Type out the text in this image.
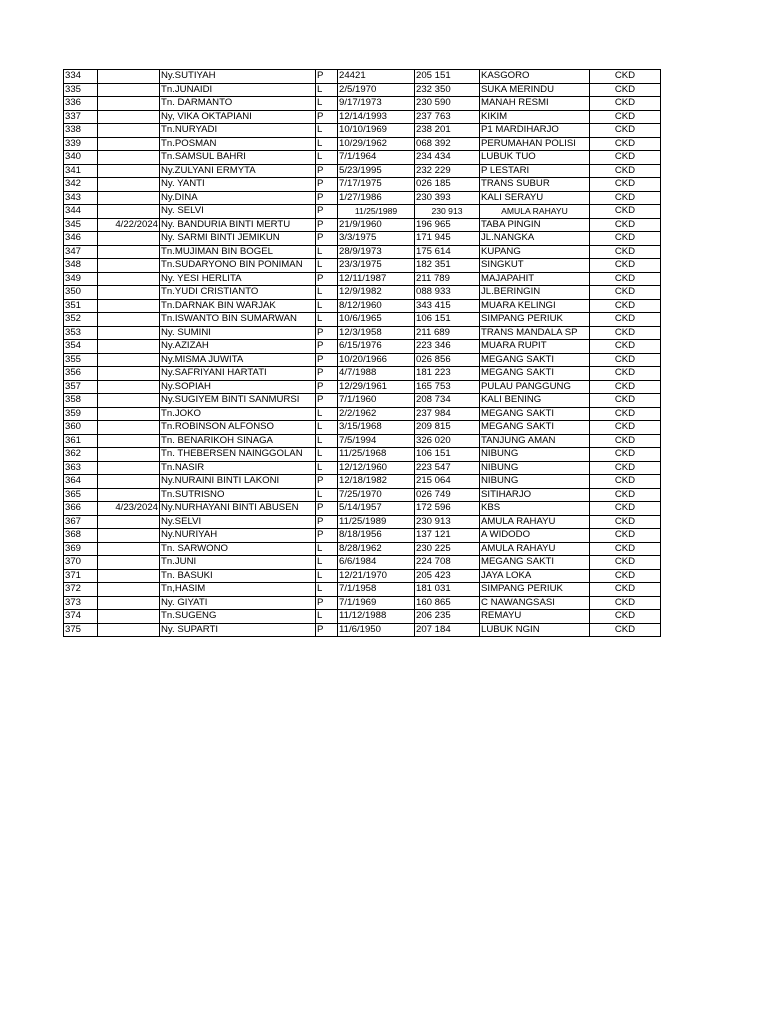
334		Ny.SUTIYAH	P	24421	205 151	KASGORO	CKD
335		Tn.JUNAIDI	L	2/5/1970	232 350	SUKA MERINDU	CKD
336		Tn. DARMANTO	L	9/17/1973	230 590	MANAH RESMI	CKD
337		Ny, VIKA OKTAPIANI	P	12/14/1993	237 763	KIKIM	CKD
338		Tn.NURYADI	L	10/10/1969	238 201	P1 MARDIHARJO	CKD
339		Tn.POSMAN	L	10/29/1962	068 392	PERUMAHAN POLISI	CKD
340		Tn.SAMSUL BAHRI	L	7/1/1964	234 434	LUBUK TUO	CKD
341		Ny.ZULYANI ERMYTA	P	5/23/1995	232 229	P LESTARI	CKD
342		Ny. YANTI	P	7/17/1975	026 185	TRANS SUBUR	CKD
343		Ny.DINA	P	1/27/1986	230 393	KALI SERAYU	CKD
344		Ny. SELVI	P	11/25/1989	230 913	AMULA RAHAYU	CKD
345	4/22/2024	Ny. BANDURIA BINTI MERTU	P	21/9/1960	196 965	TABA PINGIN	CKD
346		Ny. SARMI BINTI JEMIKUN	P	3/3/1975	171 945	JL.NANGKA	CKD
347		Tn.MUJIMAN BIN BOGEL	L	28/9/1973	175 614	KUPANG	CKD
348		Tn.SUDARYONO BIN PONIMAN	L	23/3/1975	182 351	SINGKUT	CKD
349		Ny. YESI HERLITA	P	12/11/1987	211 789	MAJAPAHIT	CKD
350		Tn.YUDI CRISTIANTO	L	12/9/1982	088 933	JL.BERINGIN	CKD
351		Tn.DARNAK BIN WARJAK	L	8/12/1960	343 415	MUARA KELINGI	CKD
352		Tn.ISWANTO BIN SUMARWAN	L	10/6/1965	106 151	SIMPANG PERIUK	CKD
353		Ny. SUMINI	P	12/3/1958	211 689	TRANS MANDALA SP	CKD
354		Ny.AZIZAH	P	6/15/1976	223 346	MUARA RUPIT	CKD
355		Ny.MISMA JUWITA	P	10/20/1966	026 856	MEGANG SAKTI	CKD
356		Ny.SAFRIYANI HARTATI	P	4/7/1988	181 223	MEGANG SAKTI	CKD
357		Ny.SOPIAH	P	12/29/1961	165 753	PULAU PANGGUNG	CKD
358		Ny.SUGIYEM BINTI SANMURSI	P	7/1/1960	208 734	KALI BENING	CKD
359		Tn.JOKO	L	2/2/1962	237 984	MEGANG SAKTI	CKD
360		Tn.ROBINSON ALFONSO	L	3/15/1968	209 815	MEGANG SAKTI	CKD
361		Tn. BENARIKOH SINAGA	L	7/5/1994	326 020	TANJUNG AMAN	CKD
362		Tn. THEBERSEN NAINGGOLAN	L	11/25/1968	106 151	NIBUNG	CKD
363		Tn.NASIR	L	12/12/1960	223 547	NIBUNG	CKD
364		Ny.NURAINI BINTI LAKONI	P	12/18/1982	215 064	NIBUNG	CKD
365		Tn.SUTRISNO	L	7/25/1970	026 749	SITIHARJO	CKD
366	4/23/2024	Ny.NURHAYANI BINTI ABUSEN	P	5/14/1957	172 596	KBS	CKD
367		Ny.SELVI	P	11/25/1989	230 913	AMULA RAHAYU	CKD
368		Ny.NURIYAH	P	8/18/1956	137 121	A WIDODO	CKD
369		Tn. SARWONO	L	8/28/1962	230 225	AMULA RAHAYU	CKD
370		Tn.JUNI	L	6/6/1984	224 708	MEGANG SAKTI	CKD
371		Tn. BASUKI	L	12/21/1970	205 423	JAYA LOKA	CKD
372		Tn,HASIM	L	7/1/1958	181 031	SIMPANG PERIUK	CKD
373		Ny. GIYATI	P	7/1/1969	160 865	C NAWANGSASI	CKD
374		Tn.SUGENG	L	11/12/1988	206 235	REMAYU	CKD
375		Ny. SUPARTI	P	11/6/1950	207 184	LUBUK NGIN	CKD
